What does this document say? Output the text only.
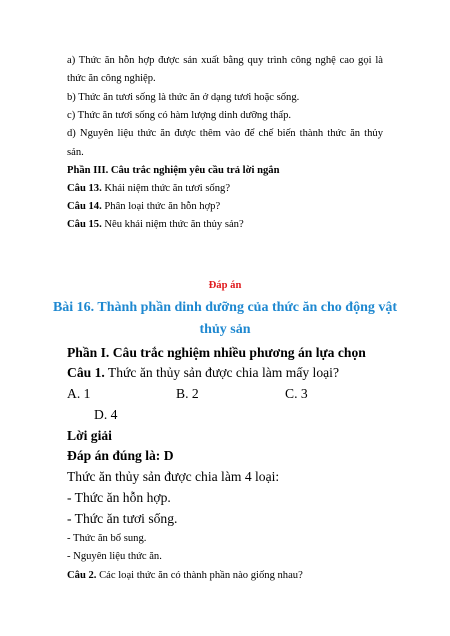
a) Thức ăn hỗn hợp được sản xuất bằng quy trình công nghệ cao gọi là
thức ăn công nghiệp.
b) Thức ăn tươi sống là thức ăn ở dạng tươi hoặc sống.
c) Thức ăn tươi sống có hàm lượng dinh dưỡng thấp.
d) Nguyên liệu thức ăn được thêm vào để chế biến thành thức ăn thủy
sản.
Phần III. Câu trắc nghiệm yêu cầu trả lời ngắn
Câu 13. Khái niệm thức ăn tươi sống?
Câu 14. Phân loại thức ăn hỗn hợp?
Câu 15. Nêu khái niệm thức ăn thủy sản?
Đáp án
Bài 16. Thành phần dinh dưỡng của thức ăn cho động vật
thủy sản
Phần I. Câu trắc nghiệm nhiều phương án lựa chọn
Câu 1. Thức ăn thủy sản được chia làm mấy loại?
A. 1	B. 2	C. 3
D. 4
Lời giải
Đáp án đúng là: D
Thức ăn thủy sản được chia làm 4 loại:
- Thức ăn hỗn hợp.
- Thức ăn tươi sống.
- Thức ăn bổ sung.
- Nguyên liệu thức ăn.
Câu 2. Các loại thức ăn có thành phần nào giống nhau?
